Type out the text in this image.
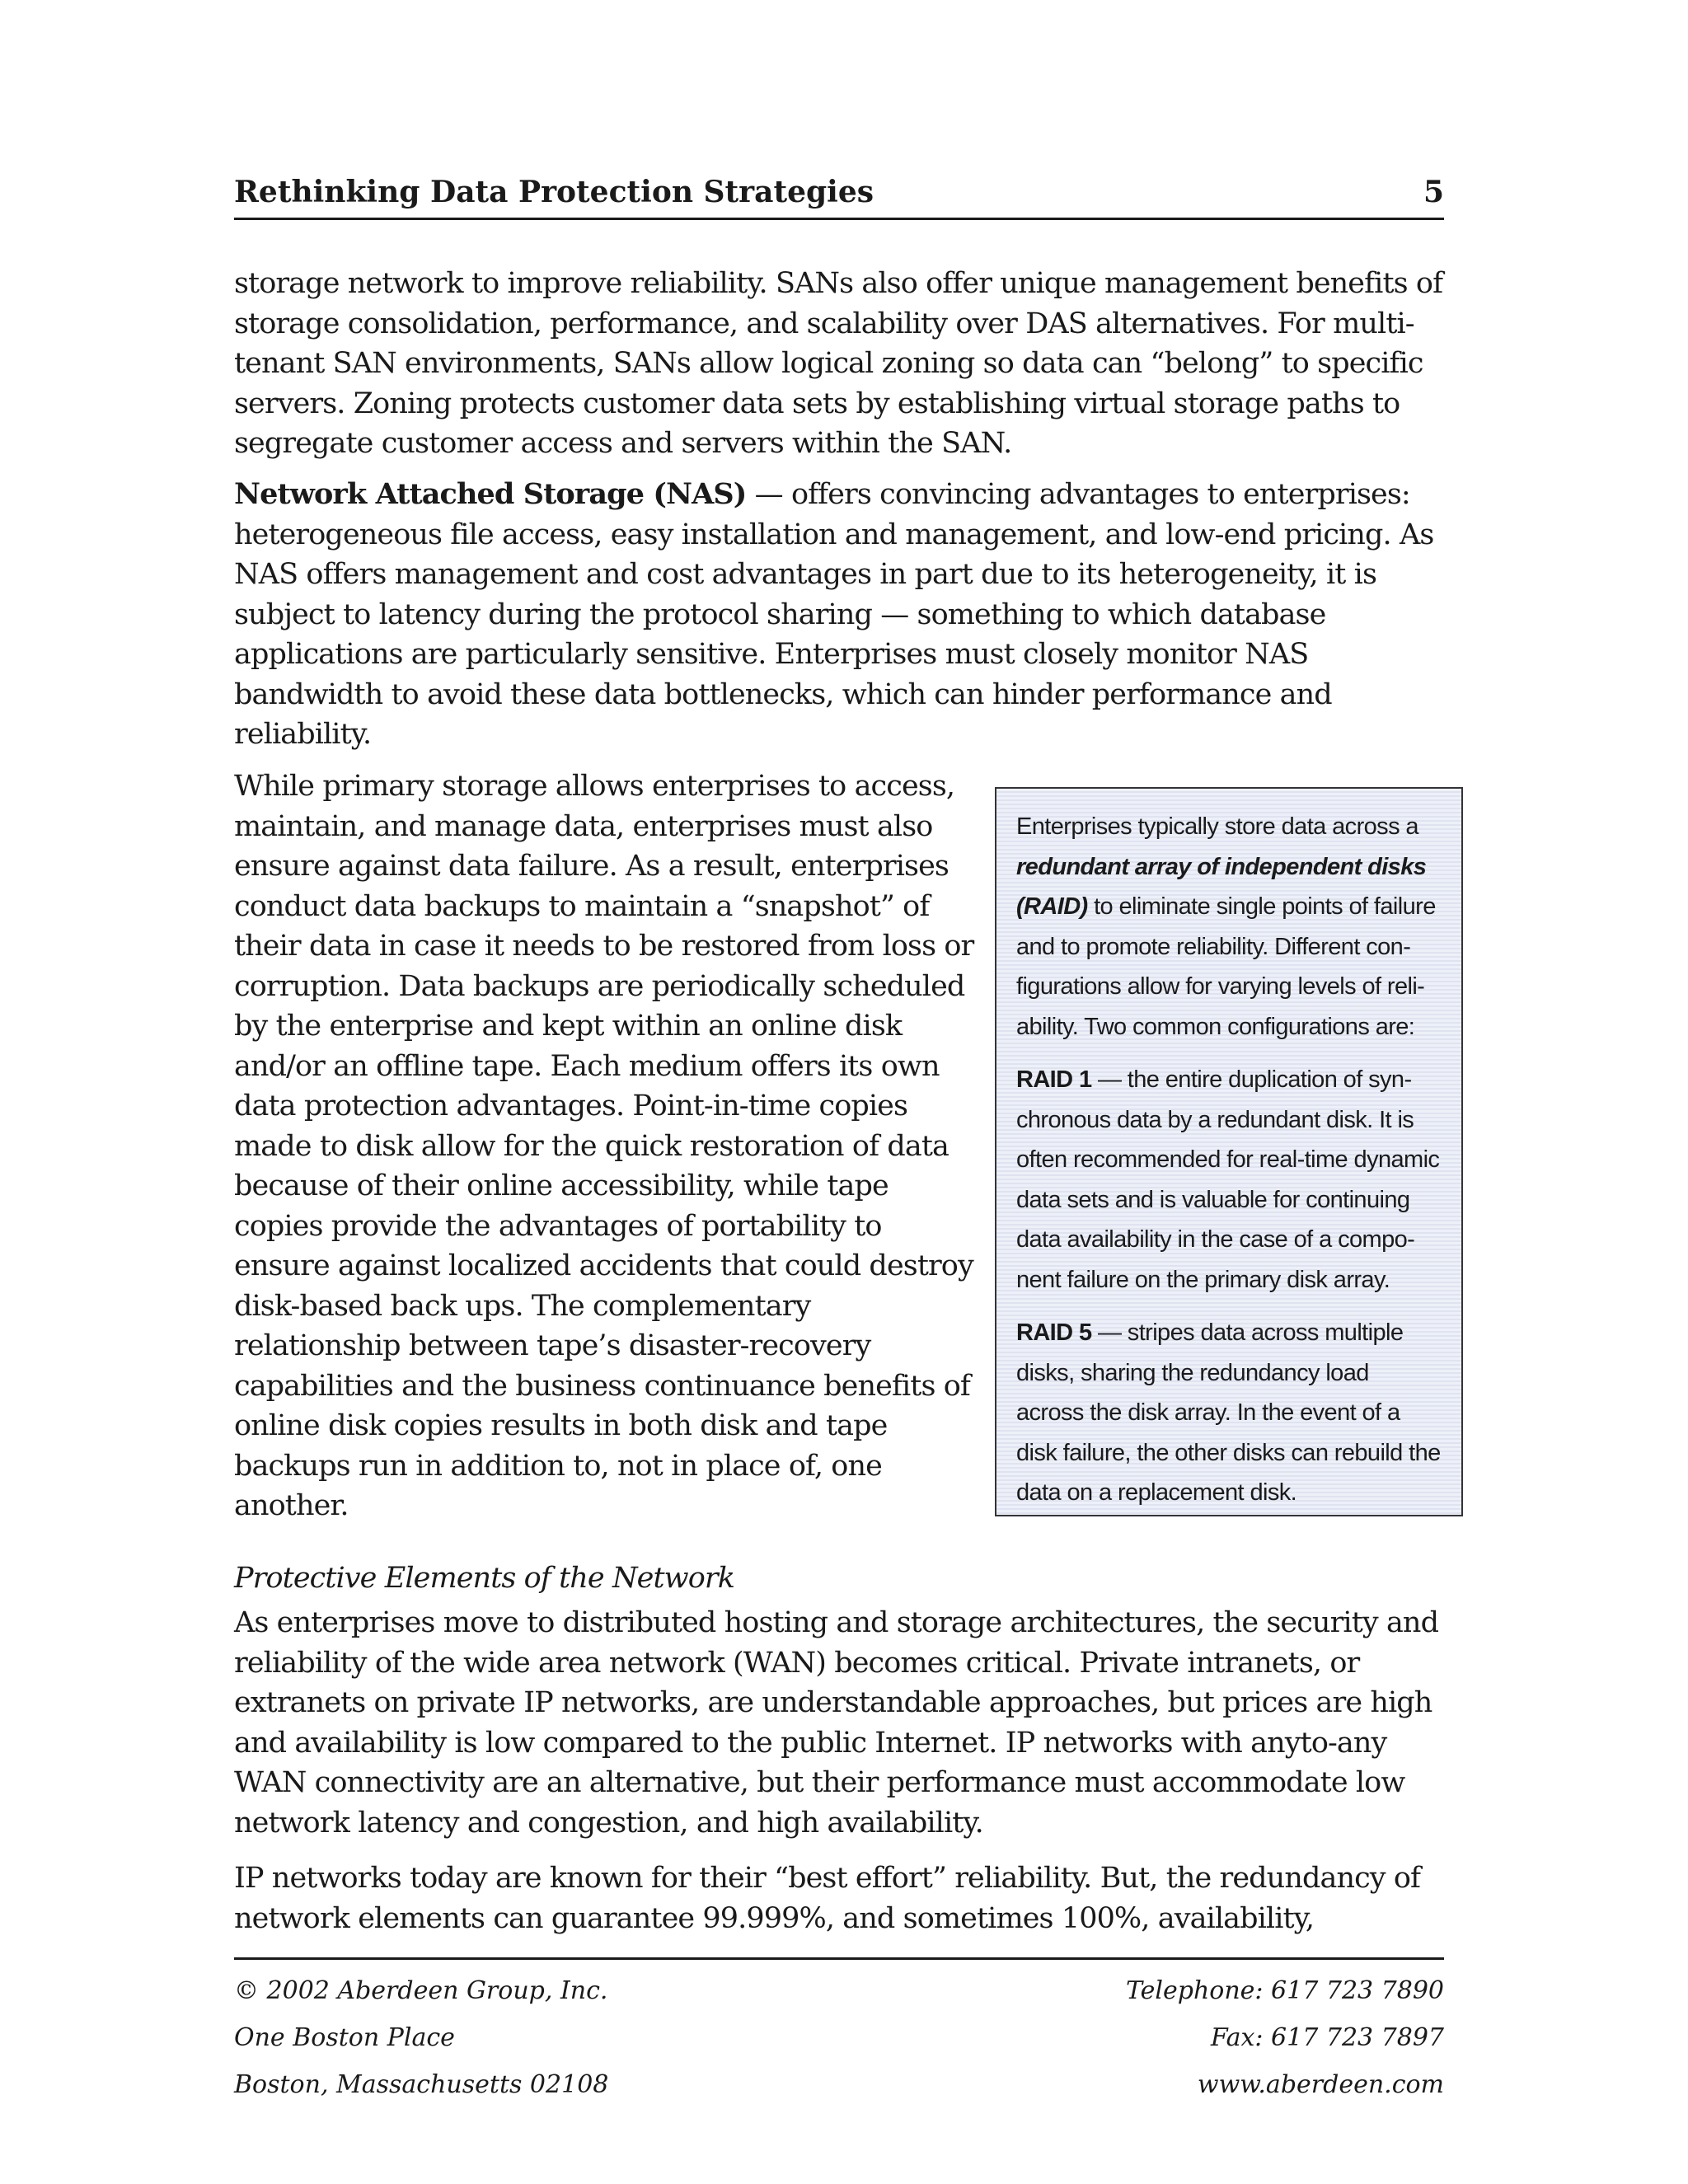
Rethinking Data Protection Strategies	5

storage network to improve reliability. SANs also offer unique management benefits of storage consolidation, performance, and scalability over DAS alternatives. For multi-tenant SAN environments, SANs allow logical zoning so data can “belong” to specific servers. Zoning protects customer data sets by establishing virtual storage paths to segregate customer access and servers within the SAN.

Network Attached Storage (NAS) — offers convincing advantages to enterprises: heterogeneous file access, easy installation and management, and low-end pricing. As NAS offers management and cost advantages in part due to its heterogeneity, it is subject to latency during the protocol sharing — something to which database applications are particularly sensitive. Enterprises must closely monitor NAS bandwidth to avoid these data bottlenecks, which can hinder performance and reliability.

While primary storage allows enterprises to access, maintain, and manage data, enterprises must also ensure against data failure. As a result, enterprises conduct data backups to maintain a “snapshot” of their data in case it needs to be restored from loss or corruption. Data backups are periodically scheduled by the enterprise and kept within an online disk and/or an offline tape. Each medium offers its own data protection advantages. Point-in-time copies made to disk allow for the quick restoration of data because of their online accessibility, while tape copies provide the advantages of portability to ensure against localized accidents that could destroy disk-based back ups. The complementary relationship between tape’s disaster-recovery capabilities and the business continuance benefits of online disk copies results in both disk and tape backups run in addition to, not in place of, one another.

Enterprises typically store data across a redundant array of independent disks (RAID) to eliminate single points of failure and to promote reliability. Different configurations allow for varying levels of reliability. Two common configurations are:

RAID 1 — the entire duplication of synchronous data by a redundant disk. It is often recommended for real-time dynamic data sets and is valuable for continuing data availability in the case of a component failure on the primary disk array.

RAID 5 — stripes data across multiple disks, sharing the redundancy load across the disk array. In the event of a disk failure, the other disks can rebuild the data on a replacement disk.

Protective Elements of the Network

As enterprises move to distributed hosting and storage architectures, the security and reliability of the wide area network (WAN) becomes critical. Private intranets, or extranets on private IP networks, are understandable approaches, but prices are high and availability is low compared to the public Internet. IP networks with anyto-any WAN connectivity are an alternative, but their performance must accommodate low network latency and congestion, and high availability.

IP networks today are known for their “best effort” reliability. But, the redundancy of network elements can guarantee 99.999%, and sometimes 100%, availability,

© 2002 Aberdeen Group, Inc.	Telephone: 617 723 7890
One Boston Place	Fax: 617 723 7897
Boston, Massachusetts 02108	www.aberdeen.com
